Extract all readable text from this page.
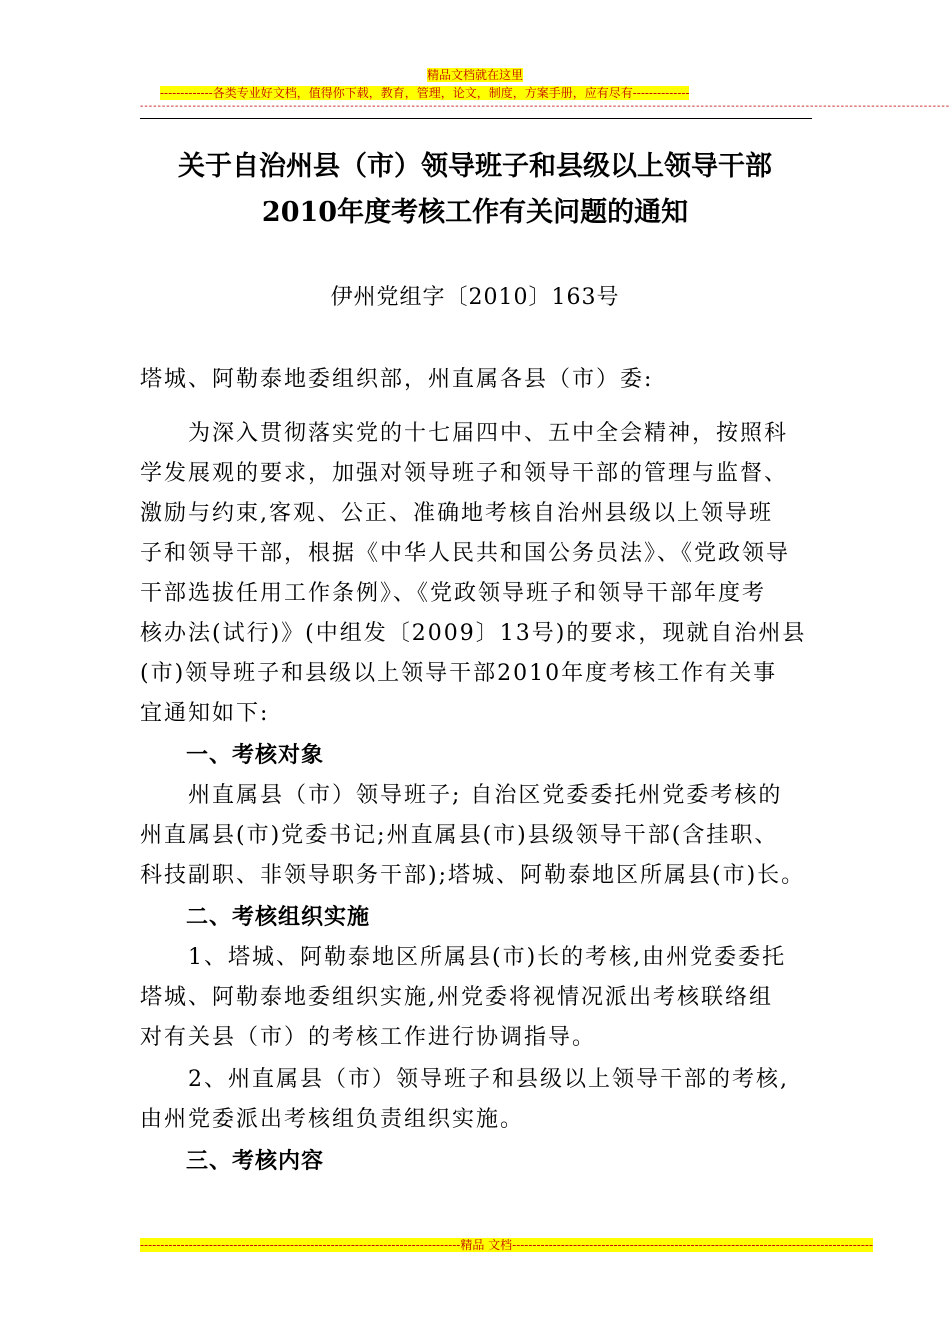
精品文档就在这里
-------------各类专业好文档，值得你下载，教育，管理，论文，制度，方案手册，应有尽有--------------
-----------------------------------------------------------------------------------------------------------------------------------------------------------------------------------------
关于自治州县（市）领导班子和县级以上领导干部
2010年度考核工作有关问题的通知
伊州党组字〔2010〕163号
塔城、阿勒泰地委组织部，州直属各县（市）委:
　　为深入贯彻落实党的十七届四中、五中全会精神，按照科
学发展观的要求，加强对领导班子和领导干部的管理与监督、
激励与约束,客观、公正、准确地考核自治州县级以上领导班
子和领导干部，根据《中华人民共和国公务员法》、《党政领导
干部选拔任用工作条例》、《党政领导班子和领导干部年度考
核办法(试行)》(中组发〔2009〕13号)的要求，现就自治州县
(市)领导班子和县级以上领导干部2010年度考核工作有关事
宜通知如下:
　　一、考核对象
　　州直属县（市）领导班子; 自治区党委委托州党委考核的
州直属县(市)党委书记;州直属县(市)县级领导干部(含挂职、
科技副职、非领导职务干部);塔城、阿勒泰地区所属县(市)长。
　　二、考核组织实施
　　1、塔城、阿勒泰地区所属县(市)长的考核,由州党委委托
塔城、阿勒泰地委组织实施,州党委将视情况派出考核联络组
对有关县（市）的考核工作进行协调指导。
　　2、州直属县（市）领导班子和县级以上领导干部的考核,
由州党委派出考核组负责组织实施。
　　三、考核内容
-------------------------------------------------------------------------------精品 文档-----------------------------------------------------------------------------------------
